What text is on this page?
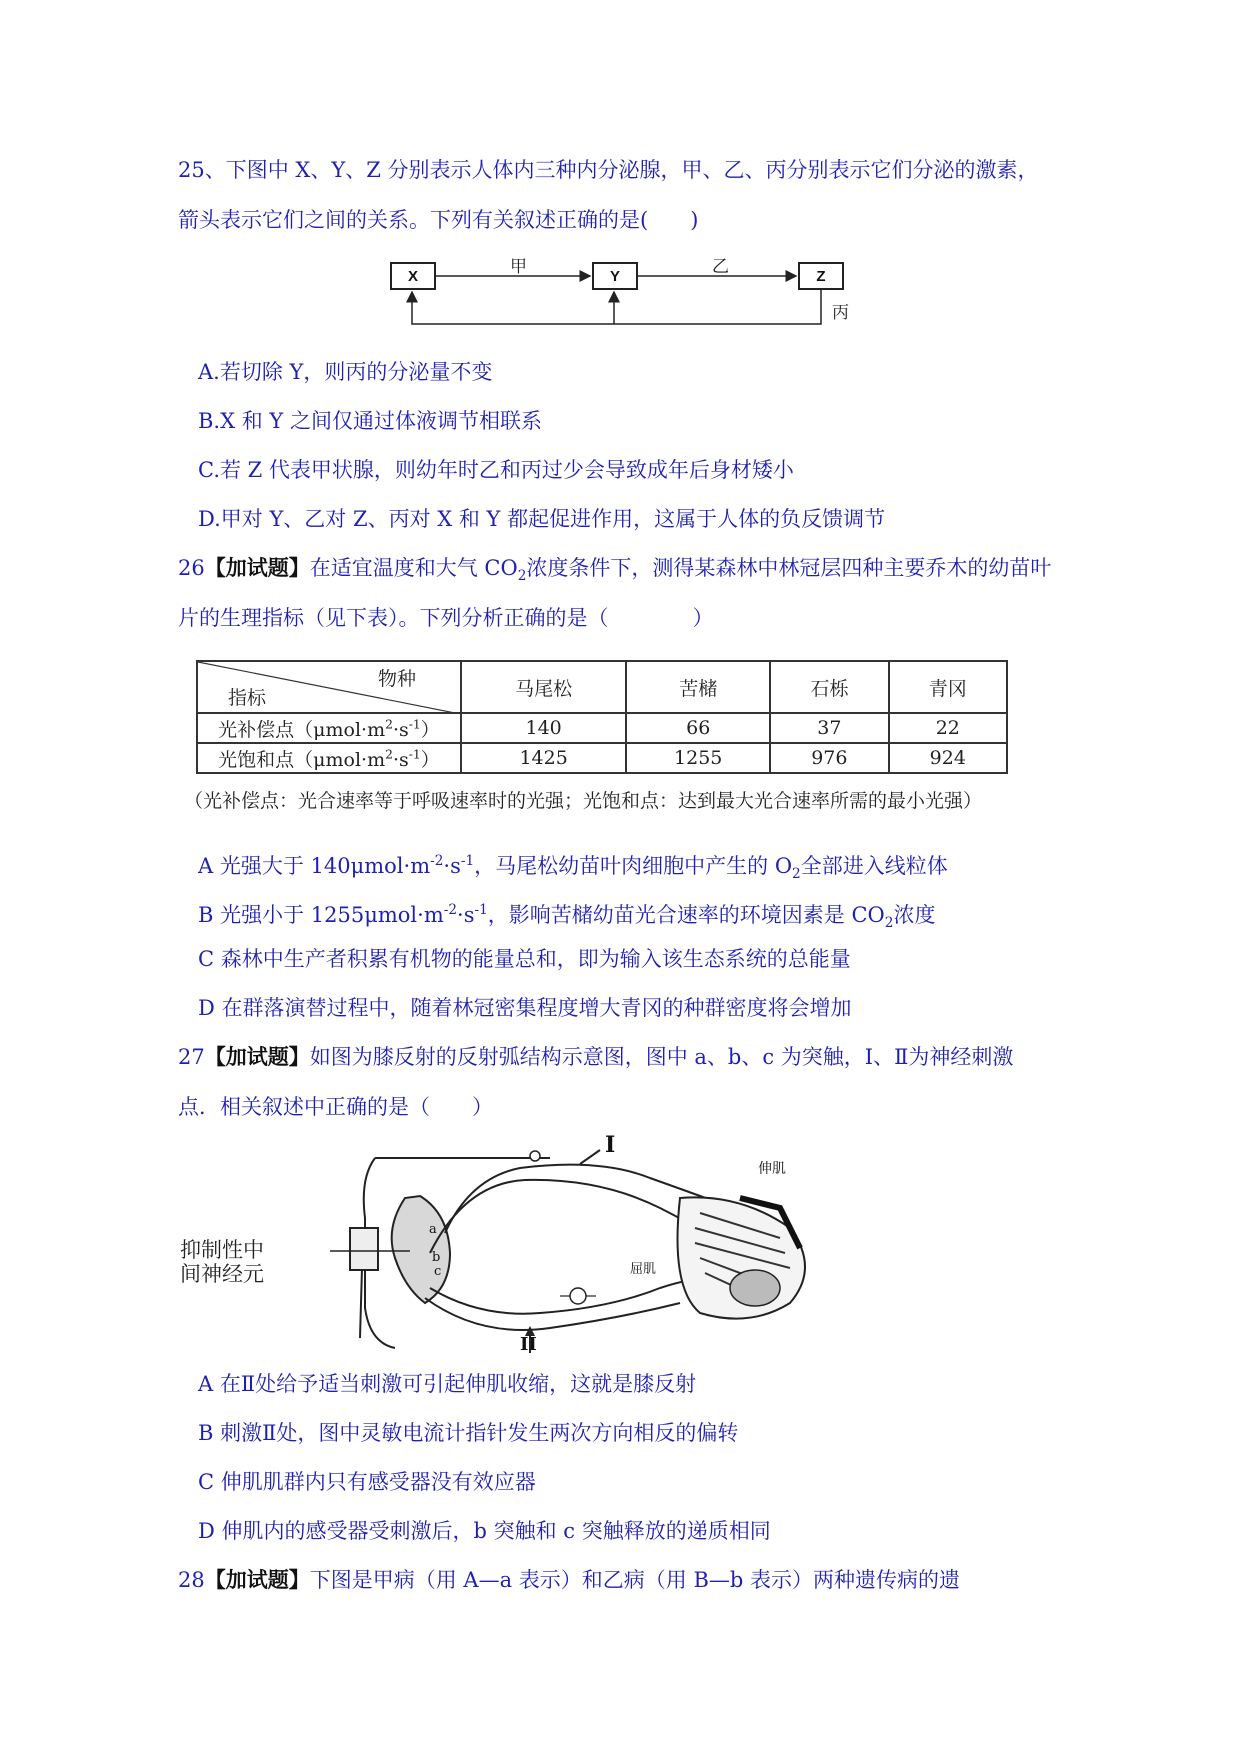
25、下图中 X、Y、Z 分别表示人体内三种内分泌腺，甲、乙、丙分别表示它们分泌的激素，
箭头表示它们之间的关系。下列有关叙述正确的是(　　)
X	Y	Z
甲	乙
丙
A.若切除 Y，则丙的分泌量不变
B.X 和 Y 之间仅通过体液调节相联系
C.若 Z 代表甲状腺，则幼年时乙和丙过少会导致成年后身材矮小
D.甲对 Y、乙对 Z、丙对 X 和 Y 都起促进作用，这属于人体的负反馈调节
26【加试题】在适宜温度和大气 $CO_2$浓度条件下，测得某森林中林冠层四种主要乔木的幼苗叶
片的生理指标（见下表）。下列分析正确的是（　　　　）
物种
指标	马尾松	苦槠	石栎	青冈
光补偿点$(\mu mol\cdot m^2\cdot s^{-1})$	140	66	37	22
光饱和点$(\mu mol\cdot m^2\cdot s^{-1})$	1425	1255	976	924
（光补偿点：光合速率等于呼吸速率时的光强；光饱和点：达到最大光合速率所需的最小光强）
A 光强大于 $140\mu mol\cdot m^{-2}\cdot s^{-1}$，马尾松幼苗叶肉细胞中产生的 $O_2$全部进入线粒体
B 光强小于 $1255\mu mol\cdot m^{-2}\cdot s^{-1}$，影响苦槠幼苗光合速率的环境因素是 $CO_2$浓度
C 森林中生产者积累有机物的能量总和，即为输入该生态系统的总能量
D 在群落演替过程中，随着林冠密集程度增大青冈的种群密度将会增加
27【加试题】如图为膝反射的反射弧结构示意图，图中 a、b、c 为突触，Ⅰ、Ⅱ为神经刺激
点．相关叙述中正确的是（　　）
抑制性中
间神经元
I
II
伸肌
屈肌
a
b
c
A 在Ⅱ处给予适当刺激可引起伸肌收缩，这就是膝反射
B 刺激Ⅱ处，图中灵敏电流计指针发生两次方向相反的偏转
C 伸肌肌群内只有感受器没有效应器
D 伸肌内的感受器受刺激后，b 突触和 c 突触释放的递质相同
28【加试题】下图是甲病（用 A—a 表示）和乙病（用 B—b 表示）两种遗传病的遗
